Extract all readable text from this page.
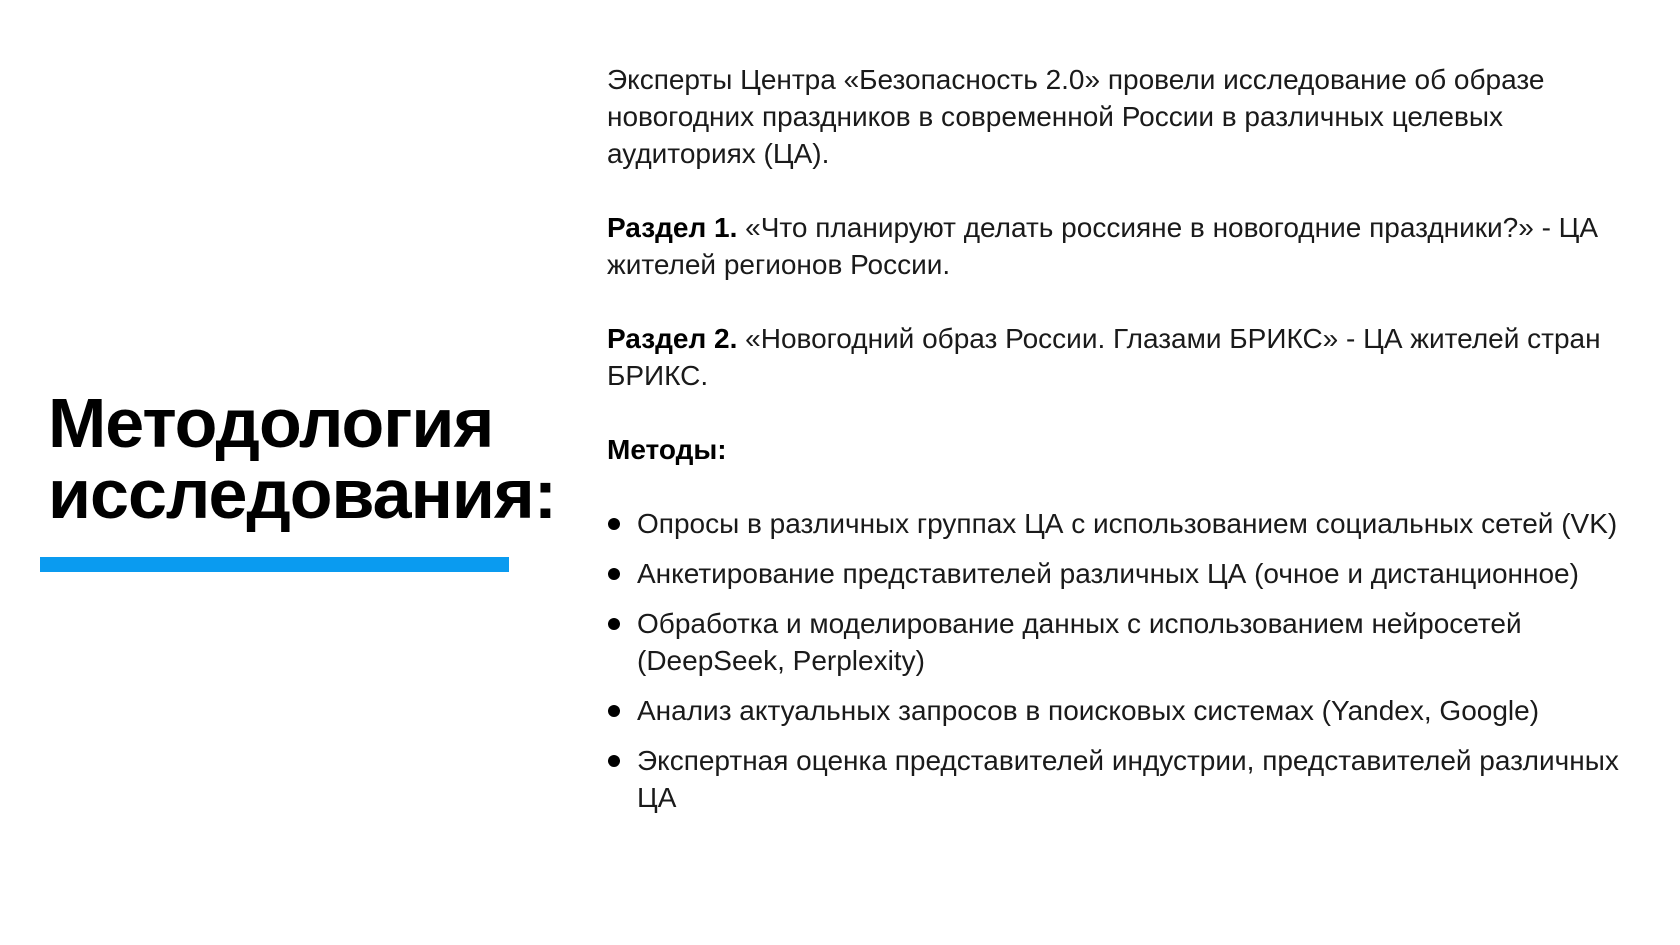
Методология
исследования:

Эксперты Центра «Безопасность 2.0» провели исследование об образе новогодних праздников в современной России в различных целевых аудиториях (ЦА).

Раздел 1. «Что планируют делать россияне в новогодние праздники?» - ЦА жителей регионов России.

Раздел 2. «Новогодний образ России. Глазами БРИКС» - ЦА жителей стран БРИКС.

Методы:

Опросы в различных группах ЦА с использованием социальных сетей (VK)
Анкетирование представителей различных ЦА (очное и дистанционное)
Обработка и моделирование данных с использованием нейросетей (DeepSeek, Perplexity)
Анализ актуальных запросов в поисковых системах (Yandex, Google)
Экспертная оценка представителей индустрии, представителей различных ЦА
